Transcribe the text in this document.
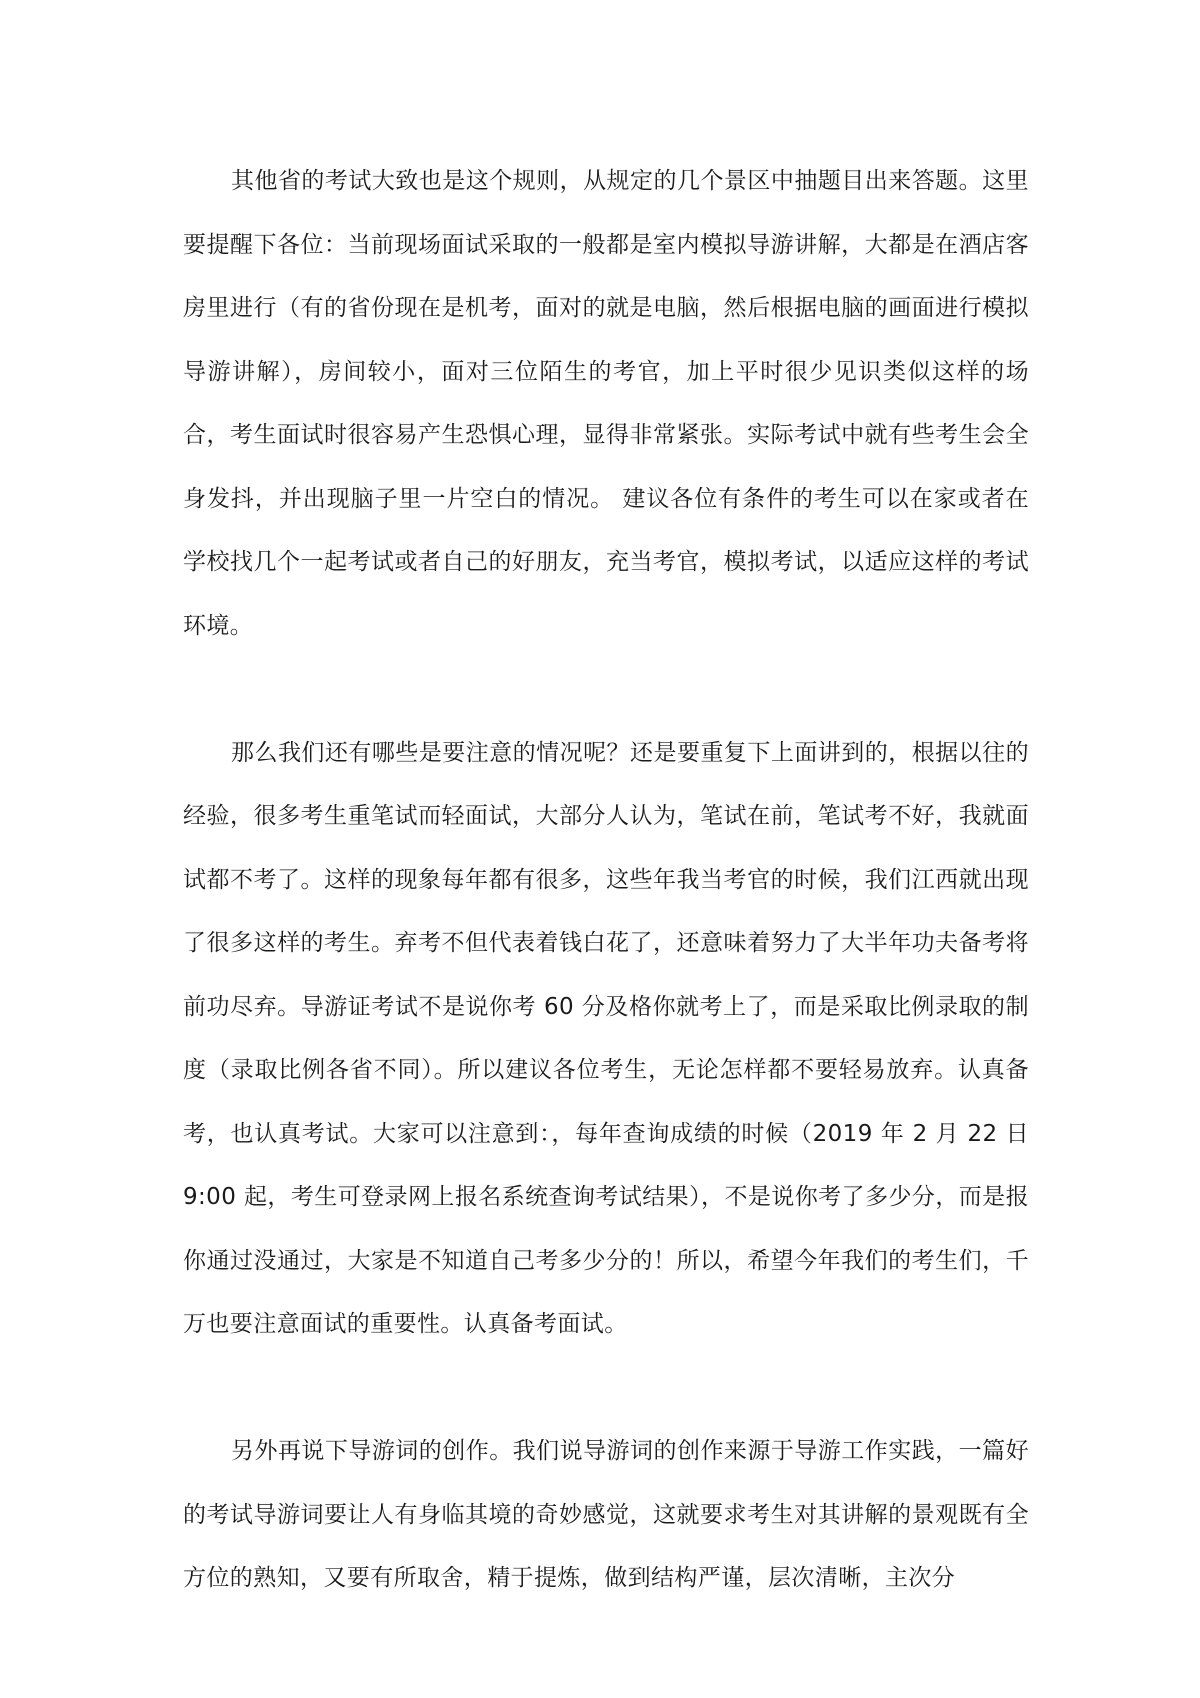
其他省的考试大致也是这个规则，从规定的几个景区中抽题目出来答题。这里要提醒下各位：当前现场面试采取的一般都是室内模拟导游讲解，大都是在酒店客房里进行（有的省份现在是机考，面对的就是电脑，然后根据电脑的画面进行模拟导游讲解），房间较小，面对三位陌生的考官，加上平时很少见识类似这样的场合，考生面试时很容易产生恐惧心理，显得非常紧张。实际考试中就有些考生会全身发抖，并出现脑子里一片空白的情况。 建议各位有条件的考生可以在家或者在学校找几个一起考试或者自己的好朋友，充当考官，模拟考试，以适应这样的考试环境。

那么我们还有哪些是要注意的情况呢？还是要重复下上面讲到的，根据以往的经验，很多考生重笔试而轻面试，大部分人认为，笔试在前，笔试考不好，我就面试都不考了。这样的现象每年都有很多，这些年我当考官的时候，我们江西就出现了很多这样的考生。弃考不但代表着钱白花了，还意味着努力了大半年功夫备考将前功尽弃。导游证考试不是说你考 60 分及格你就考上了，而是采取比例录取的制度（录取比例各省不同）。所以建议各位考生，无论怎样都不要轻易放弃。认真备考，也认真考试。大家可以注意到：，每年查询成绩的时候（2019 年 2 月 22 日 9:00 起，考生可登录网上报名系统查询考试结果），不是说你考了多少分，而是报你通过没通过，大家是不知道自己考多少分的！所以，希望今年我们的考生们，千万也要注意面试的重要性。认真备考面试。

另外再说下导游词的创作。我们说导游词的创作来源于导游工作实践，一篇好的考试导游词要让人有身临其境的奇妙感觉，这就要求考生对其讲解的景观既有全方位的熟知，又要有所取舍，精于提炼，做到结构严谨，层次清晰，主次分
